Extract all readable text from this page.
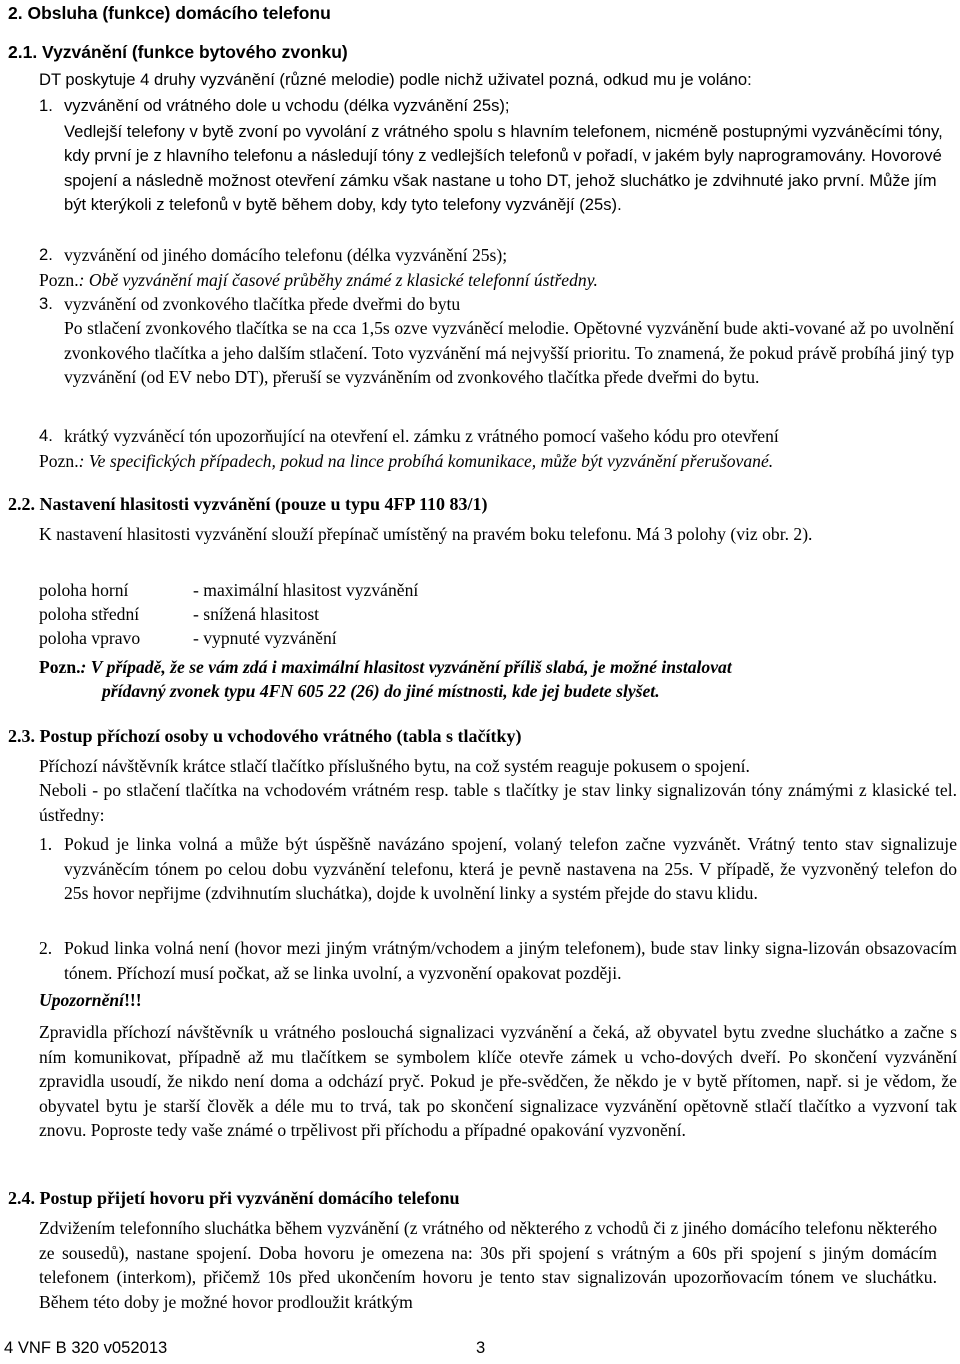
2. Obsluha (funkce) domácího telefonu
2.1. Vyzvánění (funkce bytového zvonku)

DT poskytuje 4 druhy vyzvánění (různé melodie) podle nichž uživatel pozná, odkud mu je voláno:

1. vyzvánění od vrátného dole u vchodu (délka vyzvánění 25s);

Vedlejší telefony v bytě zvoní po vyvolání z vrátného spolu s hlavním telefonem, nicméně postupnými vyzváněcími tóny, kdy první je z hlavního telefonu a následují tóny z vedlejších telefonů v pořadí, v jakém byly naprogramovány. Hovorové spojení a následně možnost otevření zámku však nastane u toho DT, jehož sluchátko je zdvihnuté jako první. Může jím být kterýkoli z telefonů v bytě během doby, kdy tyto telefony vyzvánějí (25s).

2. vyzvánění od jiného domácího telefonu (délka vyzvánění 25s);

Pozn.: Obě vyzvánění mají časové průběhy známé z klasické telefonní ústředny.

3. vyzvánění od zvonkového tlačítka přede dveřmi do bytu

Po stlačení zvonkového tlačítka se na cca 1,5s ozve vyzváněcí melodie. Opětovné vyzvánění bude akti-vované až po uvolnění zvonkového tlačítka a jeho dalším stlačení. Toto vyzvánění má nejvyšší prioritu. To znamená, že pokud právě probíhá jiný typ vyzvánění (od EV nebo DT), přeruší se vyzváněním od zvonkového tlačítka přede dveřmi do bytu.

4. krátký vyzváněcí tón upozorňující na otevření el. zámku z vrátného pomocí vašeho kódu pro otevření

Pozn.: Ve specifických případech, pokud na lince probíhá komunikace, může být vyzvánění přerušované.

2.2. Nastavení hlasitosti vyzvánění (pouze u typu 4FP 110 83/1)

K nastavení hlasitosti vyzvánění slouží přepínač umístěný na pravém boku telefonu. Má 3 polohy (viz obr. 2).

poloha horní	- maximální hlasitost vyzvánění
poloha střední	- snížená hlasitost
poloha vpravo	- vypnuté vyzvánění

Pozn.: V případě, že se vám zdá i maximální hlasitost vyzvánění příliš slabá, je možné instalovat

přídavný zvonek typu 4FN 605 22 (26) do jiné místnosti, kde jej budete slyšet.

2.3. Postup příchozí osoby u vchodového vrátného (tabla s tlačítky)

Příchozí návštěvník krátce stlačí tlačítko příslušného bytu, na což systém reaguje pokusem o spojení.

Neboli - po stlačení tlačítka na vchodovém vrátném resp. table s tlačítky je stav linky signalizován tóny známými z klasické tel. ústředny:

1. Pokud je linka volná a může být úspěšně navázáno spojení, volaný telefon začne vyzvánět. Vrátný tento stav signalizuje vyzváněcím tónem po celou dobu vyzvánění telefonu, která je pevně nastavena na 25s. V případě, že vyzvoněný telefon do 25s hovor nepřijme (zdvihnutím sluchátka), dojde k uvolnění linky a systém přejde do stavu klidu.

2. Pokud linka volná není (hovor mezi jiným vrátným/vchodem a jiným telefonem), bude stav linky signa-lizován obsazovacím tónem. Příchozí musí počkat, až se linka uvolní, a vyzvonění opakovat později.

Upozornění!!!

Zpravidla příchozí návštěvník u vrátného poslouchá signalizaci vyzvánění a čeká, až obyvatel bytu zvedne sluchátko a začne s ním komunikovat, případně až mu tlačítkem se symbolem klíče otevře zámek u vcho-dových dveří. Po skončení vyzvánění zpravidla usoudí, že nikdo není doma a odchází pryč. Pokud je pře-svědčen, že někdo je v bytě přítomen, např. si je vědom, že obyvatel bytu je starší člověk a déle mu to trvá, tak po skončení signalizace vyzvánění opětovně stlačí tlačítko a vyzvoní tak znovu. Poproste tedy vaše známé o trpělivost při příchodu a případné opakování vyzvonění.

2.4. Postup přijetí hovoru při vyzvánění domácího telefonu

Zdvižením telefonního sluchátka během vyzvánění (z vrátného od některého z vchodů či z jiného domácího telefonu některého ze sousedů), nastane spojení. Doba hovoru je omezena na: 30s při spojení s vrátným a 60s při spojení s jiným domácím telefonem (interkom), přičemž 10s před ukončením hovoru je tento stav signalizován upozorňovacím tónem ve sluchátku. Během této doby je možné hovor prodloužit krátkým

4 VNF B 320 v052013	3
